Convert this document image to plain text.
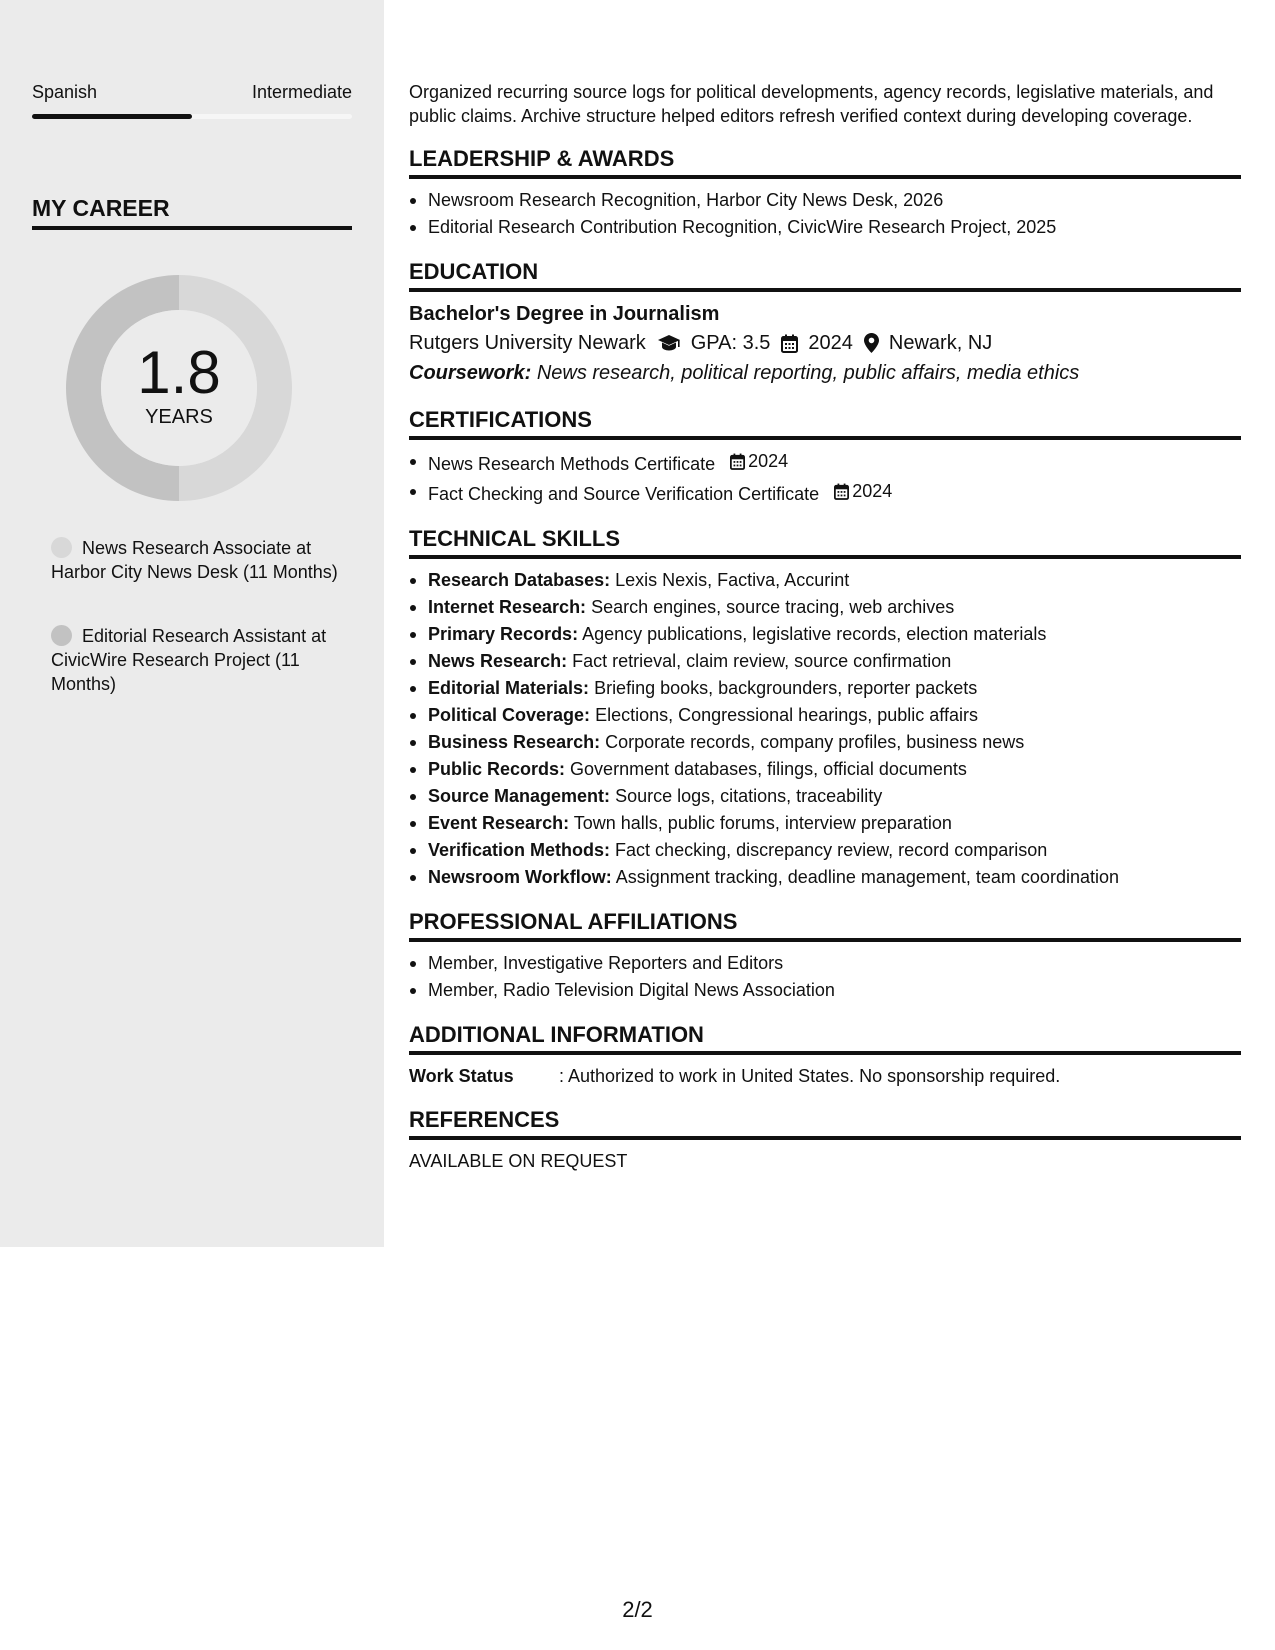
Spanish	Intermediate
MY CAREER
1.8
YEARS
News Research Associate at Harbor City News Desk (11 Months)
Editorial Research Assistant at CivicWire Research Project (11 Months)

Organized recurring source logs for political developments, agency records, legislative materials, and public claims. Archive structure helped editors refresh verified context during developing coverage.

LEADERSHIP & AWARDS
Newsroom Research Recognition, Harbor City News Desk, 2026
Editorial Research Contribution Recognition, CivicWire Research Project, 2025
EDUCATION
Bachelor's Degree in Journalism
Rutgers University Newark GPA: 3.5 2024 Newark, NJ
Coursework: News research, political reporting, public affairs, media ethics
CERTIFICATIONS
News Research Methods Certificate 2024
Fact Checking and Source Verification Certificate 2024
TECHNICAL SKILLS
Research Databases: Lexis Nexis, Factiva, Accurint
Internet Research: Search engines, source tracing, web archives
Primary Records: Agency publications, legislative records, election materials
News Research: Fact retrieval, claim review, source confirmation
Editorial Materials: Briefing books, backgrounders, reporter packets
Political Coverage: Elections, Congressional hearings, public affairs
Business Research: Corporate records, company profiles, business news
Public Records: Government databases, filings, official documents
Source Management: Source logs, citations, traceability
Event Research: Town halls, public forums, interview preparation
Verification Methods: Fact checking, discrepancy review, record comparison
Newsroom Workflow: Assignment tracking, deadline management, team coordination
PROFESSIONAL AFFILIATIONS
Member, Investigative Reporters and Editors
Member, Radio Television Digital News Association
ADDITIONAL INFORMATION
Work Status	: Authorized to work in United States. No sponsorship required.
REFERENCES
AVAILABLE ON REQUEST
2/2
